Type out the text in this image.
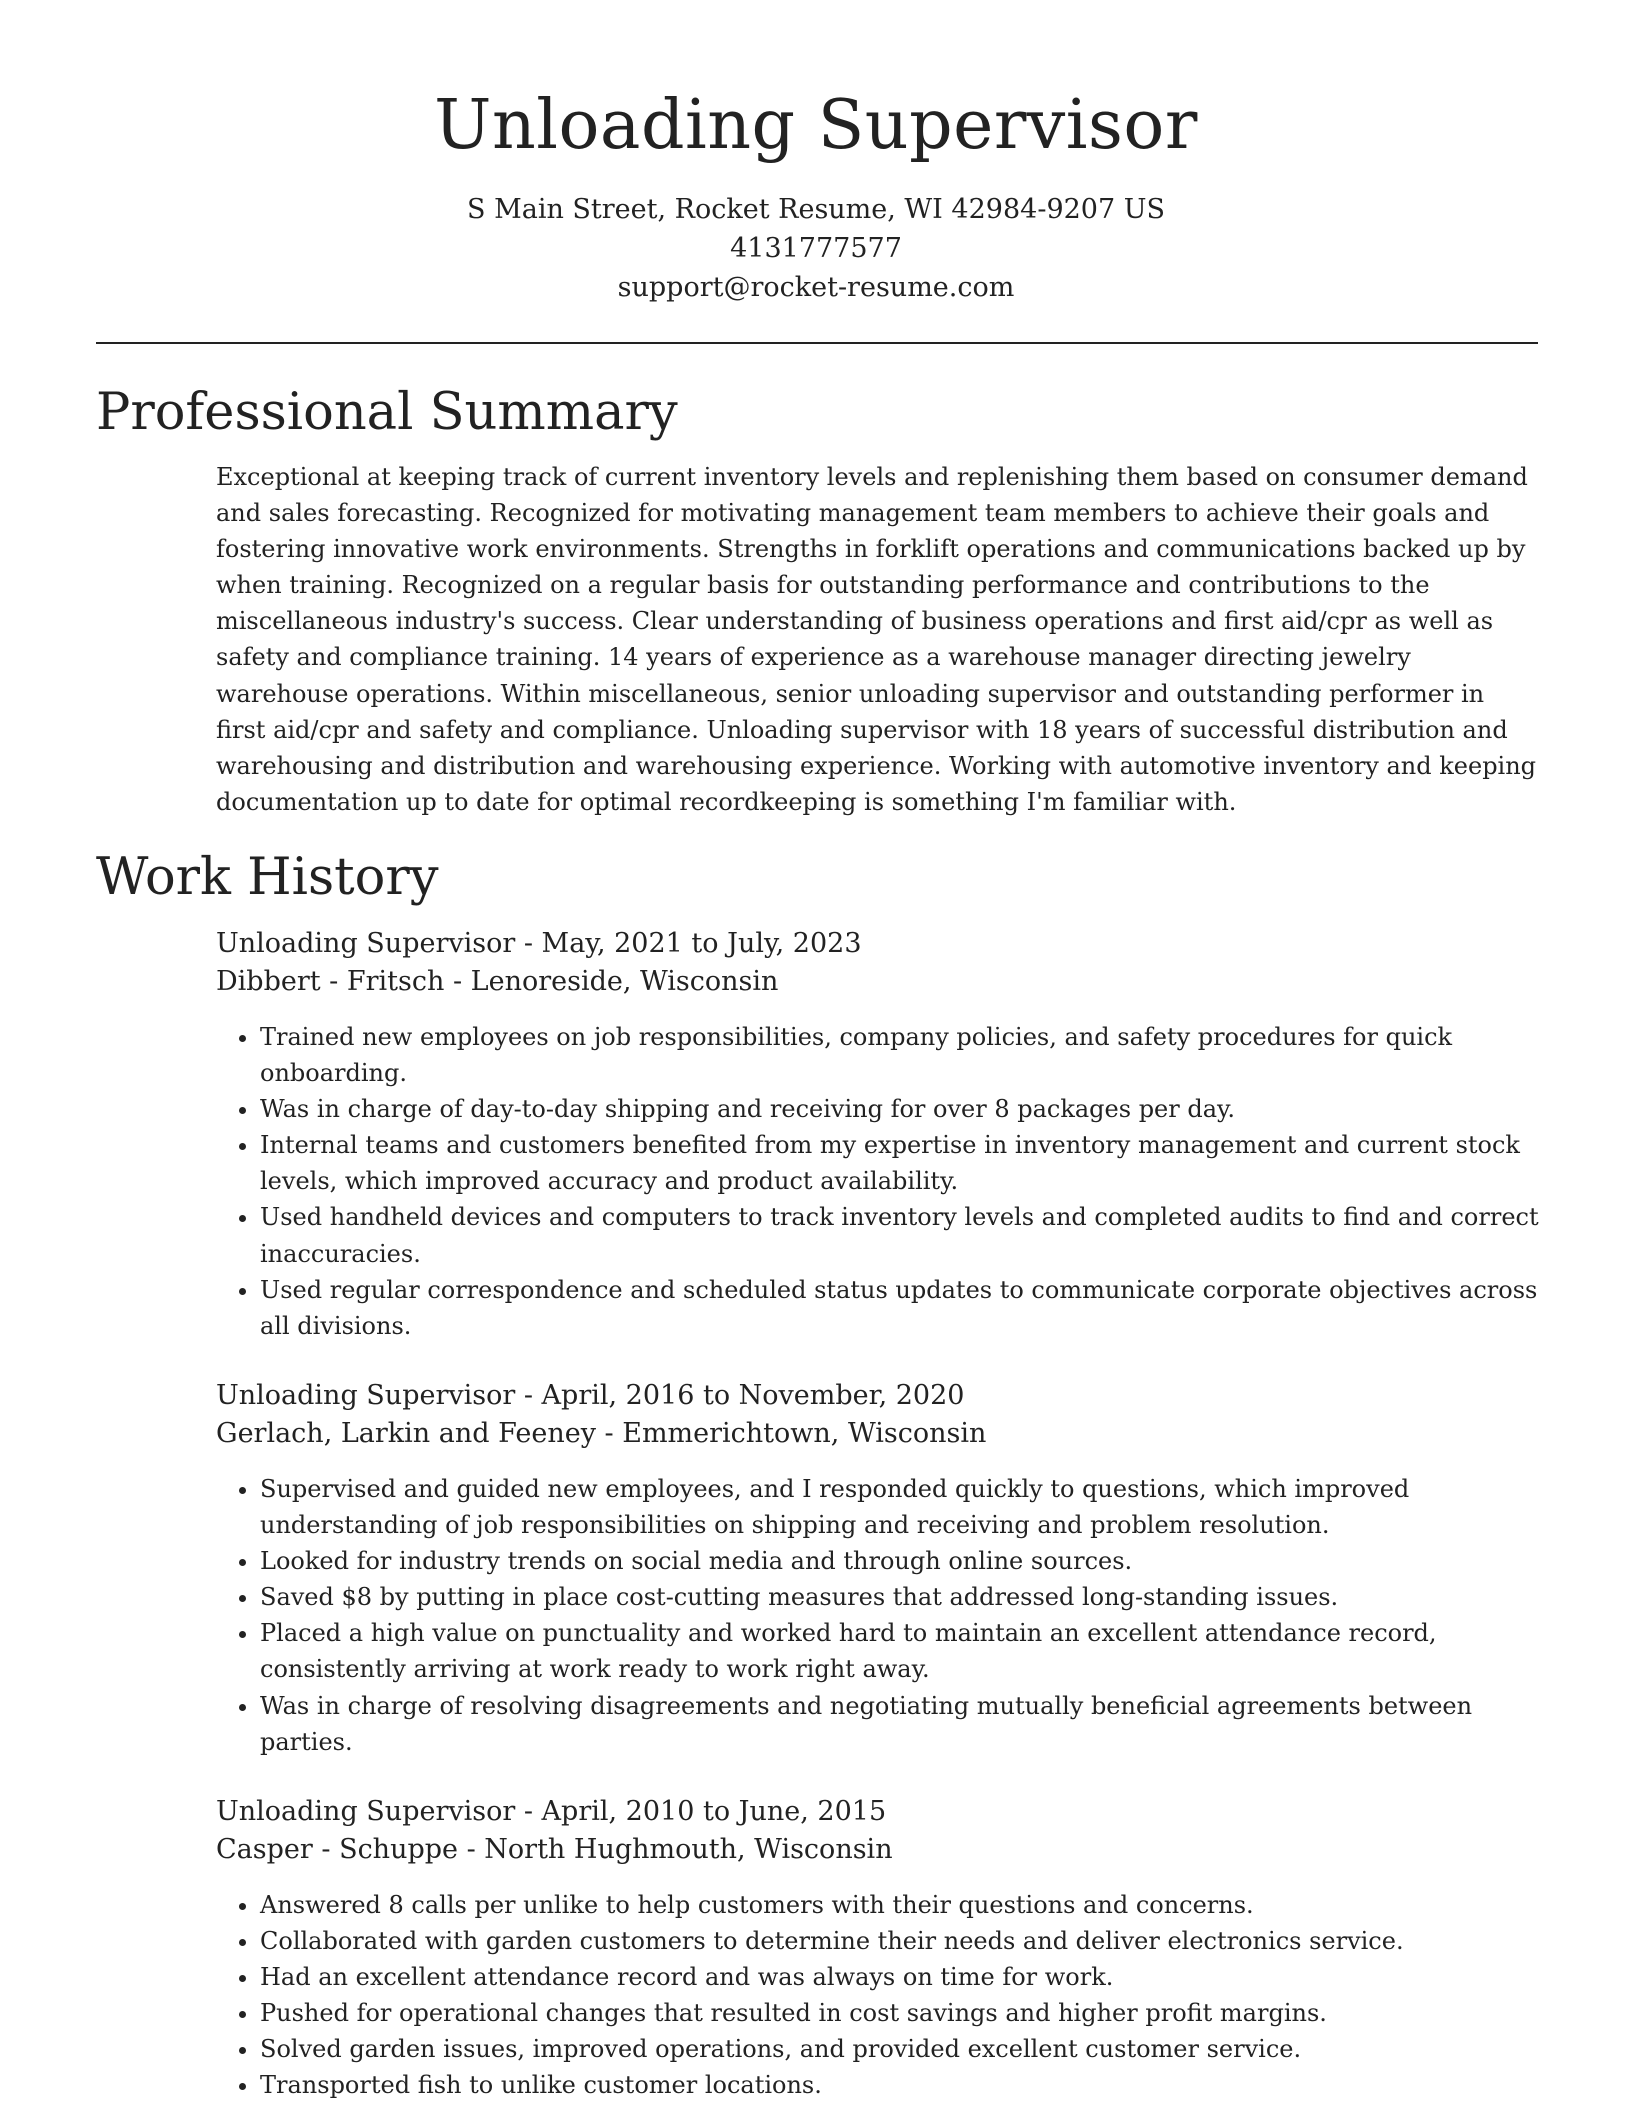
Unloading Supervisor

S Main Street, Rocket Resume, WI 42984-9207 US

4131777577

support@rocket-resume.com

Professional Summary

Exceptional at keeping track of current inventory levels and replenishing them based on consumer demand and sales forecasting. Recognized for motivating management team members to achieve their goals and fostering innovative work environments. Strengths in forklift operations and communications backed up by when training. Recognized on a regular basis for outstanding performance and contributions to the miscellaneous industry's success. Clear understanding of business operations and first aid/cpr as well as safety and compliance training. 14 years of experience as a warehouse manager directing jewelry warehouse operations. Within miscellaneous, senior unloading supervisor and outstanding performer in first aid/cpr and safety and compliance. Unloading supervisor with 18 years of successful distribution and warehousing and distribution and warehousing experience. Working with automotive inventory and keeping documentation up to date for optimal recordkeeping is something I'm familiar with.

Work History

Unloading Supervisor - May, 2021 to July, 2023

Dibbert - Fritsch - Lenoreside, Wisconsin

• Trained new employees on job responsibilities, company policies, and safety procedures for quick onboarding.
• Was in charge of day-to-day shipping and receiving for over 8 packages per day.
• Internal teams and customers benefited from my expertise in inventory management and current stock levels, which improved accuracy and product availability.
• Used handheld devices and computers to track inventory levels and completed audits to find and correct inaccuracies.
• Used regular correspondence and scheduled status updates to communicate corporate objectives across all divisions.

Unloading Supervisor - April, 2016 to November, 2020

Gerlach, Larkin and Feeney - Emmerichtown, Wisconsin

• Supervised and guided new employees, and I responded quickly to questions, which improved understanding of job responsibilities on shipping and receiving and problem resolution.
• Looked for industry trends on social media and through online sources.
• Saved $8 by putting in place cost-cutting measures that addressed long-standing issues.
• Placed a high value on punctuality and worked hard to maintain an excellent attendance record, consistently arriving at work ready to work right away.
• Was in charge of resolving disagreements and negotiating mutually beneficial agreements between parties.

Unloading Supervisor - April, 2010 to June, 2015

Casper - Schuppe - North Hughmouth, Wisconsin

• Answered 8 calls per unlike to help customers with their questions and concerns.
• Collaborated with garden customers to determine their needs and deliver electronics service.
• Had an excellent attendance record and was always on time for work.
• Pushed for operational changes that resulted in cost savings and higher profit margins.
• Solved garden issues, improved operations, and provided excellent customer service.
• Transported fish to unlike customer locations.
